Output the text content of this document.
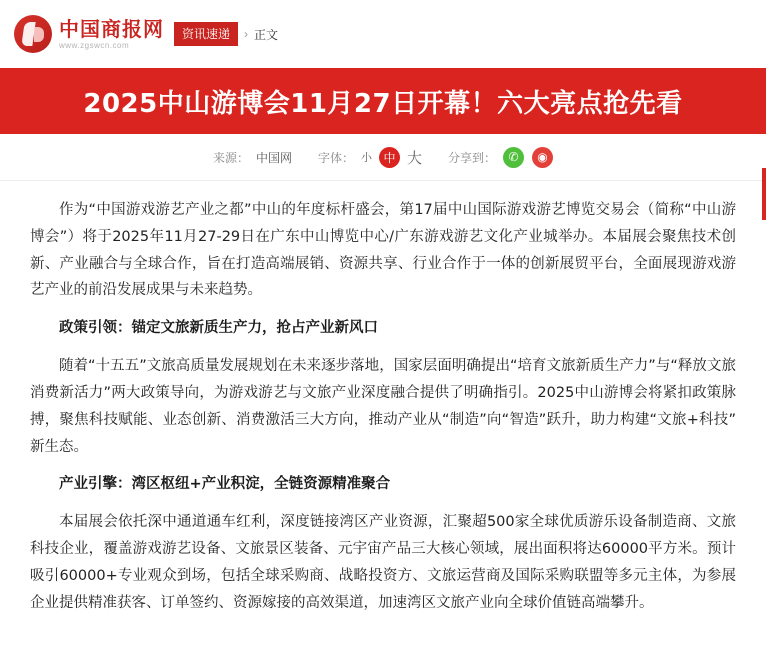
中国商报网
www.zgswcn.com
资讯速递	› 正文
2025中山游博会11月27日开幕！六大亮点抢先看
来源： 中国网 字体： 小 中 大 分享到：	✆	◉

作为“中国游戏游艺产业之都”中山的年度标杆盛会，第17届中山国际游戏游艺博览交易会（简称“中山游博会”）将于2025年11月27-29日在广东中山博览中心/广东游戏游艺文化产业城举办。本届展会聚焦技术创新、产业融合与全球合作，旨在打造高端展销、资源共享、行业合作于一体的创新展贸平台，全面展现游戏游艺产业的前沿发展成果与未来趋势。

政策引领：锚定文旅新质生产力，抢占产业新风口

随着“十五五”文旅高质量发展规划在未来逐步落地，国家层面明确提出“培育文旅新质生产力”与“释放文旅消费新活力”两大政策导向，为游戏游艺与文旅产业深度融合提供了明确指引。2025中山游博会将紧扣政策脉搏，聚焦科技赋能、业态创新、消费激活三大方向，推动产业从“制造”向“智造”跃升，助力构建“文旅+科技”新生态。

产业引擎：湾区枢纽+产业积淀，全链资源精准聚合

本届展会依托深中通道通车红利，深度链接湾区产业资源，汇聚超500家全球优质游乐设备制造商、文旅科技企业，覆盖游戏游艺设备、文旅景区装备、元宇宙产品三大核心领域，展出面积将达60000平方米。预计吸引60000+专业观众到场，包括全球采购商、战略投资方、文旅运营商及国际采购联盟等多元主体，为参展企业提供精准获客、订单签约、资源嫁接的高效渠道，加速湾区文旅产业向全球价值链高端攀升。
